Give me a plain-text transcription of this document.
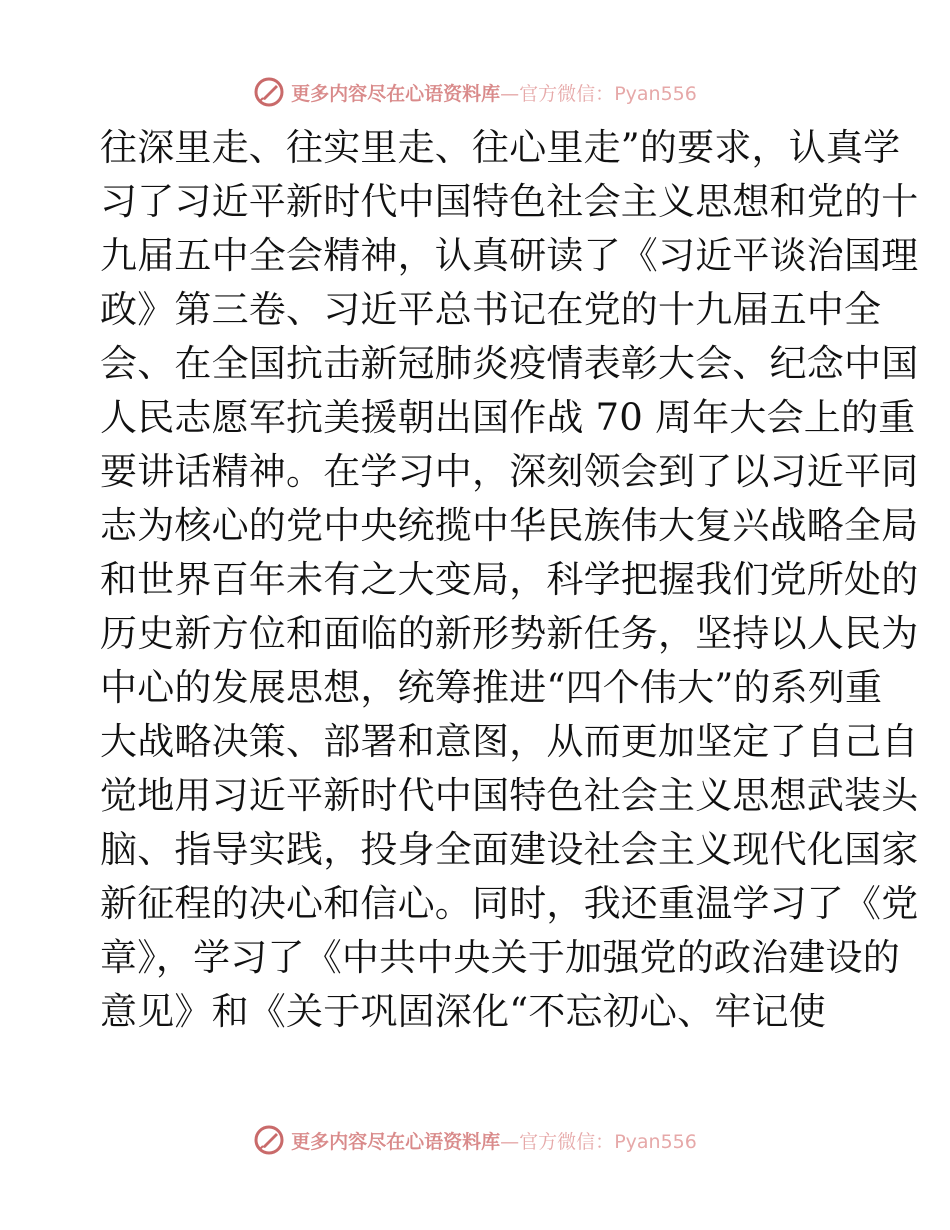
更多内容尽在心语资料库—官方微信：Pyan556
往深里走、往实里走、往心里走”的要求，认真学
习了习近平新时代中国特色社会主义思想和党的十
九届五中全会精神，认真研读了《习近平谈治国理
政》第三卷、习近平总书记在党的十九届五中全
会、在全国抗击新冠肺炎疫情表彰大会、纪念中国
人民志愿军抗美援朝出国作战 70 周年大会上的重
要讲话精神。在学习中，深刻领会到了以习近平同
志为核心的党中央统揽中华民族伟大复兴战略全局
和世界百年未有之大变局，科学把握我们党所处的
历史新方位和面临的新形势新任务，坚持以人民为
中心的发展思想，统筹推进“四个伟大”的系列重
大战略决策、部署和意图，从而更加坚定了自己自
觉地用习近平新时代中国特色社会主义思想武装头
脑、指导实践，投身全面建设社会主义现代化国家
新征程的决心和信心。同时，我还重温学习了《党
章》，学习了《中共中央关于加强党的政治建设的
意见》和《关于巩固深化“不忘初心、牢记使
更多内容尽在心语资料库—官方微信：Pyan556
